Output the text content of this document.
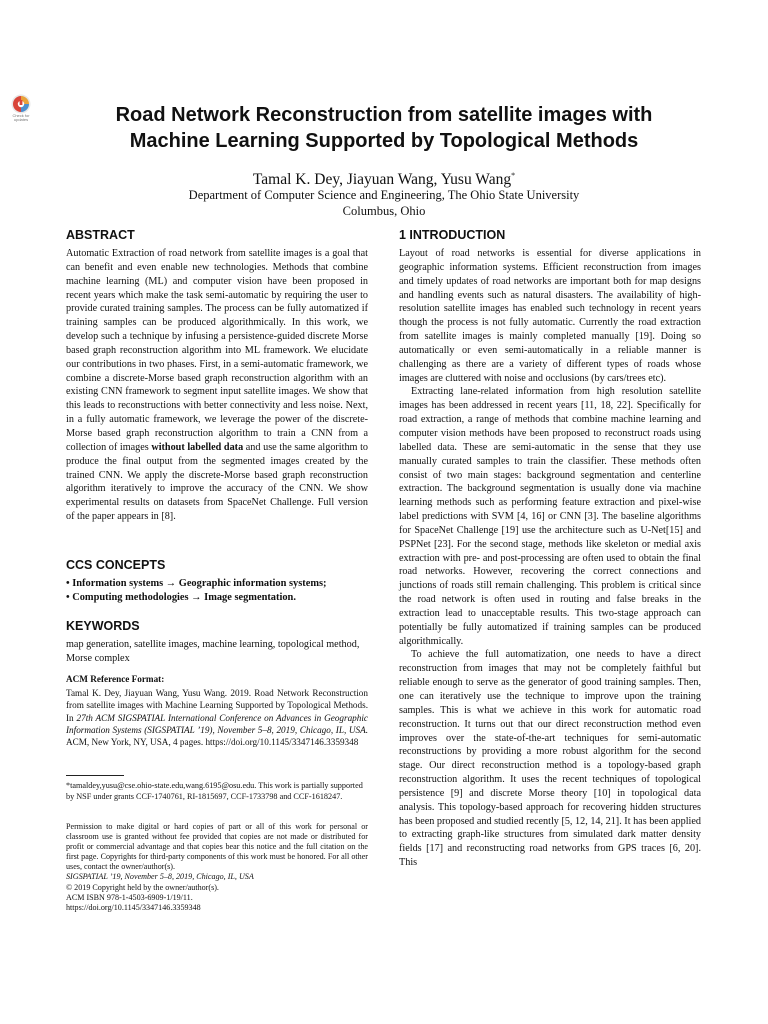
Check for updates	Road Network Reconstruction from satellite images with
Machine Learning Supported by Topological Methods
Tamal K. Dey, Jiayuan Wang, Yusu Wang*
Department of Computer Science and Engineering, The Ohio State University
Columbus, Ohio
ABSTRACT

Automatic Extraction of road network from satellite images is a goal that can benefit and even enable new technologies. Methods that combine machine learning (ML) and computer vision have been proposed in recent years which make the task semi-automatic by requiring the user to provide curated training samples. The process can be fully automatized if training samples can be produced algorithmically. In this work, we develop such a technique by infusing a persistence-guided discrete Morse based graph reconstruction algorithm into ML framework. We elucidate our contributions in two phases. First, in a semi-automatic framework, we combine a discrete-Morse based graph reconstruction algorithm with an existing CNN framework to segment input satellite images. We show that this leads to reconstructions with better connectivity and less noise. Next, in a fully automatic framework, we leverage the power of the discrete-Morse based graph reconstruction algorithm to train a CNN from a collection of images without labelled data and use the same algorithm to produce the final output from the segmented images created by the trained CNN. We apply the discrete-Morse based graph reconstruction algorithm iteratively to improve the accuracy of the CNN. We show experimental results on datasets from SpaceNet Challenge. Full version of the paper appears in [8].

CCS CONCEPTS
• Information systems → Geographic information systems;
• Computing methodologies → Image segmentation.
KEYWORDS

map generation, satellite images, machine learning, topological method, Morse complex

ACM Reference Format:
Tamal K. Dey, Jiayuan Wang, Yusu Wang. 2019. Road Network Reconstruction from satellite images with Machine Learning Supported by Topological Methods. In 27th ACM SIGSPATIAL International Conference on Advances in Geographic Information Systems (SIGSPATIAL ’19), November 5–8, 2019, Chicago, IL, USA. ACM, New York, NY, USA, 4 pages. https://doi.org/10.1145/3347146.3359348
*tamaldey,yusu@cse.ohio-state.edu,wang.6195@osu.edu. This work is partially supported by NSF under grants CCF-1740761, RI-1815697, CCF-1733798 and CCF-1618247.
Permission to make digital or hard copies of part or all of this work for personal or classroom use is granted without fee provided that copies are not made or distributed for profit or commercial advantage and that copies bear this notice and the full citation on the first page. Copyrights for third-party components of this work must be honored. For all other uses, contact the owner/author(s).
SIGSPATIAL ’19, November 5–8, 2019, Chicago, IL, USA
© 2019 Copyright held by the owner/author(s).
ACM ISBN 978-1-4503-6909-1/19/11.
https://doi.org/10.1145/3347146.3359348
1 INTRODUCTION

Layout of road networks is essential for diverse applications in geographic information systems. Efficient reconstruction from images and timely updates of road networks are important both for map designs and handling events such as natural disasters. The availability of high-resolution satellite images has enabled such technology in recent years though the process is not fully automatic. Currently the road extraction from satellite images is mainly completed manually [19]. Doing so automatically or even semi-automatically in a reliable manner is challenging as there are a variety of different types of roads whose images are cluttered with noise and occlusions (by cars/trees etc).

Extracting lane-related information from high resolution satellite images has been addressed in recent years [11, 18, 22]. Specifically for road extraction, a range of methods that combine machine learning and computer vision methods have been proposed to reconstruct roads using labelled data. These are semi-automatic in the sense that they use manually curated samples to train the classifier. These methods often consist of two main stages: background segmentation and centerline extraction. The background segmentation is usually done via machine learning methods such as performing feature extraction and pixel-wise label predictions with SVM [4, 16] or CNN [3]. The baseline algorithms for SpaceNet Challenge [19] use the architecture such as U-Net[15] and PSPNet [23]. For the second stage, methods like skeleton or medial axis extraction with pre- and post-processing are often used to obtain the final road networks. However, recovering the correct connections and junctions of roads still remain challenging. This problem is critical since the road network is often used in routing and false breaks in the extraction lead to unacceptable results. This two-stage approach can potentially be fully automatized if training samples can be produced algorithmically.

To achieve the full automatization, one needs to have a direct reconstruction from images that may not be completely faithful but reliable enough to serve as the generator of good training samples. Then, one can iteratively use the technique to improve upon the training samples. This is what we achieve in this work for automatic road reconstruction. It turns out that our direct reconstruction method even improves over the state-of-the-art techniques for semi-automatic reconstructions by providing a more robust algorithm for the second stage. Our direct reconstruction method is a topology-based graph reconstruction algorithm. It uses the recent techniques of topological persistence [9] and discrete Morse theory [10] in topological data analysis. This topology-based approach for recovering hidden structures has been proposed and studied recently [5, 12, 14, 21]. It has been applied to extracting graph-like structures from simulated dark matter density fields [17] and reconstructing road networks from GPS traces [6, 20]. This
